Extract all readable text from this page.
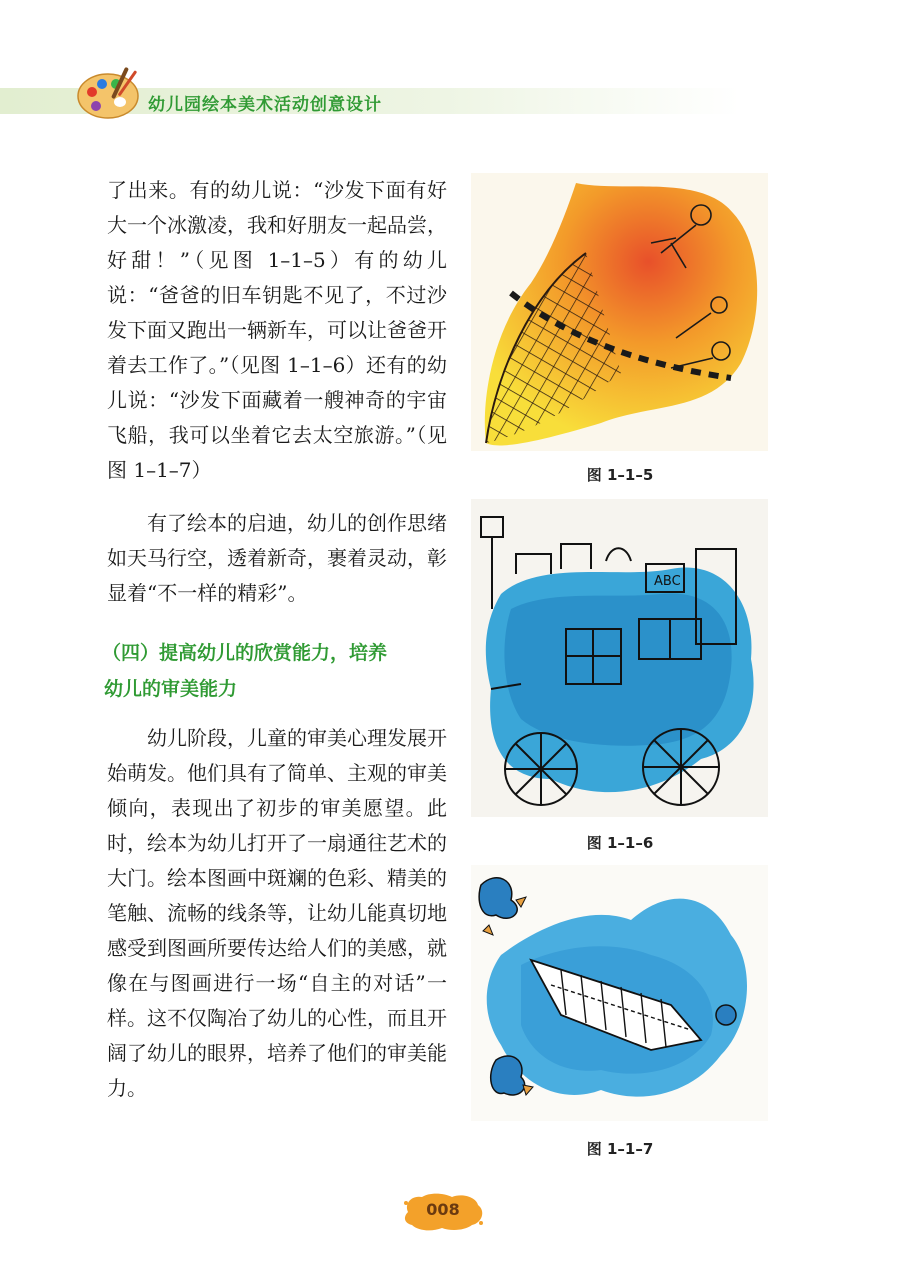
幼儿园绘本美术活动创意设计

了出来。有的幼儿说：“沙发下面有好大一个冰激凌，我和好朋友一起品尝，好甜！”（见图 1–1–5）有的幼儿说：“爸爸的旧车钥匙不见了，不过沙发下面又跑出一辆新车，可以让爸爸开着去工作了。”（见图 1–1–6）还有的幼儿说：“沙发下面藏着一艘神奇的宇宙飞船，我可以坐着它去太空旅游。”（见图 1–1–7）

有了绘本的启迪，幼儿的创作思绪如天马行空，透着新奇，裹着灵动，彰显着“不一样的精彩”。

（四）提高幼儿的欣赏能力，培养
幼儿的审美能力

幼儿阶段，儿童的审美心理发展开始萌发。他们具有了简单、主观的审美倾向，表现出了初步的审美愿望。此时，绘本为幼儿打开了一扇通往艺术的大门。绘本图画中斑斓的色彩、精美的笔触、流畅的线条等，让幼儿能真切地感受到图画所要传达给人们的美感，就像在与图画进行一场“自主的对话”一样。这不仅陶冶了幼儿的心性，而且开阔了幼儿的眼界，培养了他们的审美能力。

图 1–1–5
ABC
图 1–1–6
图 1–1–7
008
